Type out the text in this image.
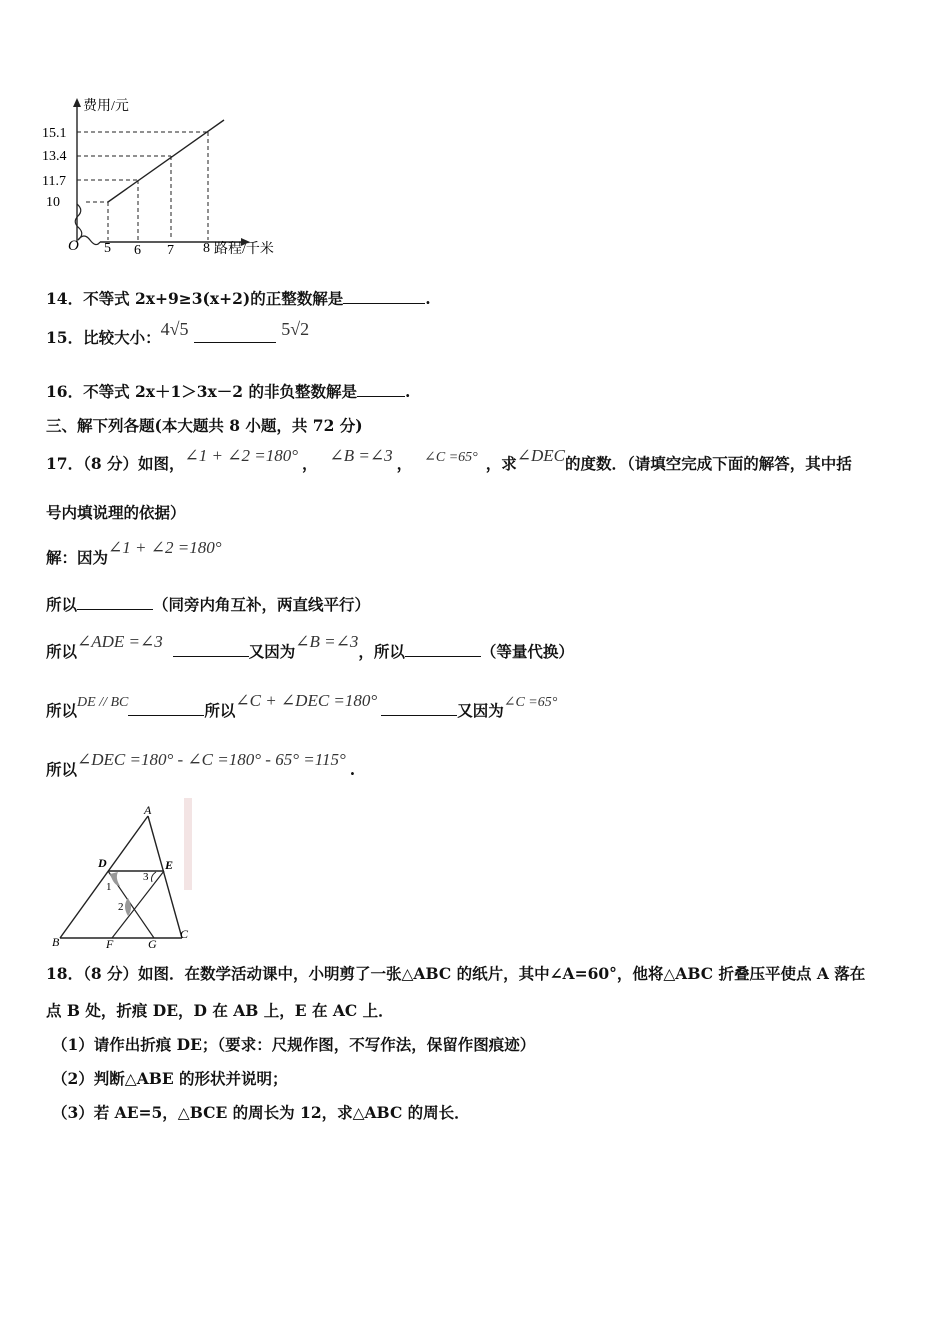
费用/元
15.1
13.4
11.7
10
O 5 6 7 8 路程/千米
14．不等式 2x+9≥3(x+2)的正整数解是	.
15．比较大小：4√5	5√2
16．不等式 2x＋1＞3x－2 的非负整数解是	.
三、解下列各题(本大题共 8 小题，共 72 分)
17．（8 分）如图，∠1 + ∠2 =180° ， ∠B =∠3 ， ∠C =65° ，求∠DEC的度数．（请填空完成下面的解答，其中括
号内填说理的依据）
解：因为∠1 + ∠2 =180°
所以	（同旁内角互补，两直线平行）
所以∠ADE =∠3又因为∠B =∠3，所以	（等量代换）
所以DE // BC	所以∠C + ∠DEC =180°又因为∠C =65°
所以∠DEC =180° - ∠C =180° - 65° =115°.
A
B
C
D	E
F	G
1
2
3
18．（8 分）如图．在数学活动课中，小明剪了一张△ABC 的纸片，其中∠A=60°，他将△ABC 折叠压平使点 A 落在
点 B 处，折痕 DE，D 在 AB 上，E 在 AC 上．
（1）请作出折痕 DE；（要求：尺规作图，不写作法，保留作图痕迹）
（2）判断△ABE 的形状并说明；
（3）若 AE=5，△BCE 的周长为 12，求△ABC 的周长．
